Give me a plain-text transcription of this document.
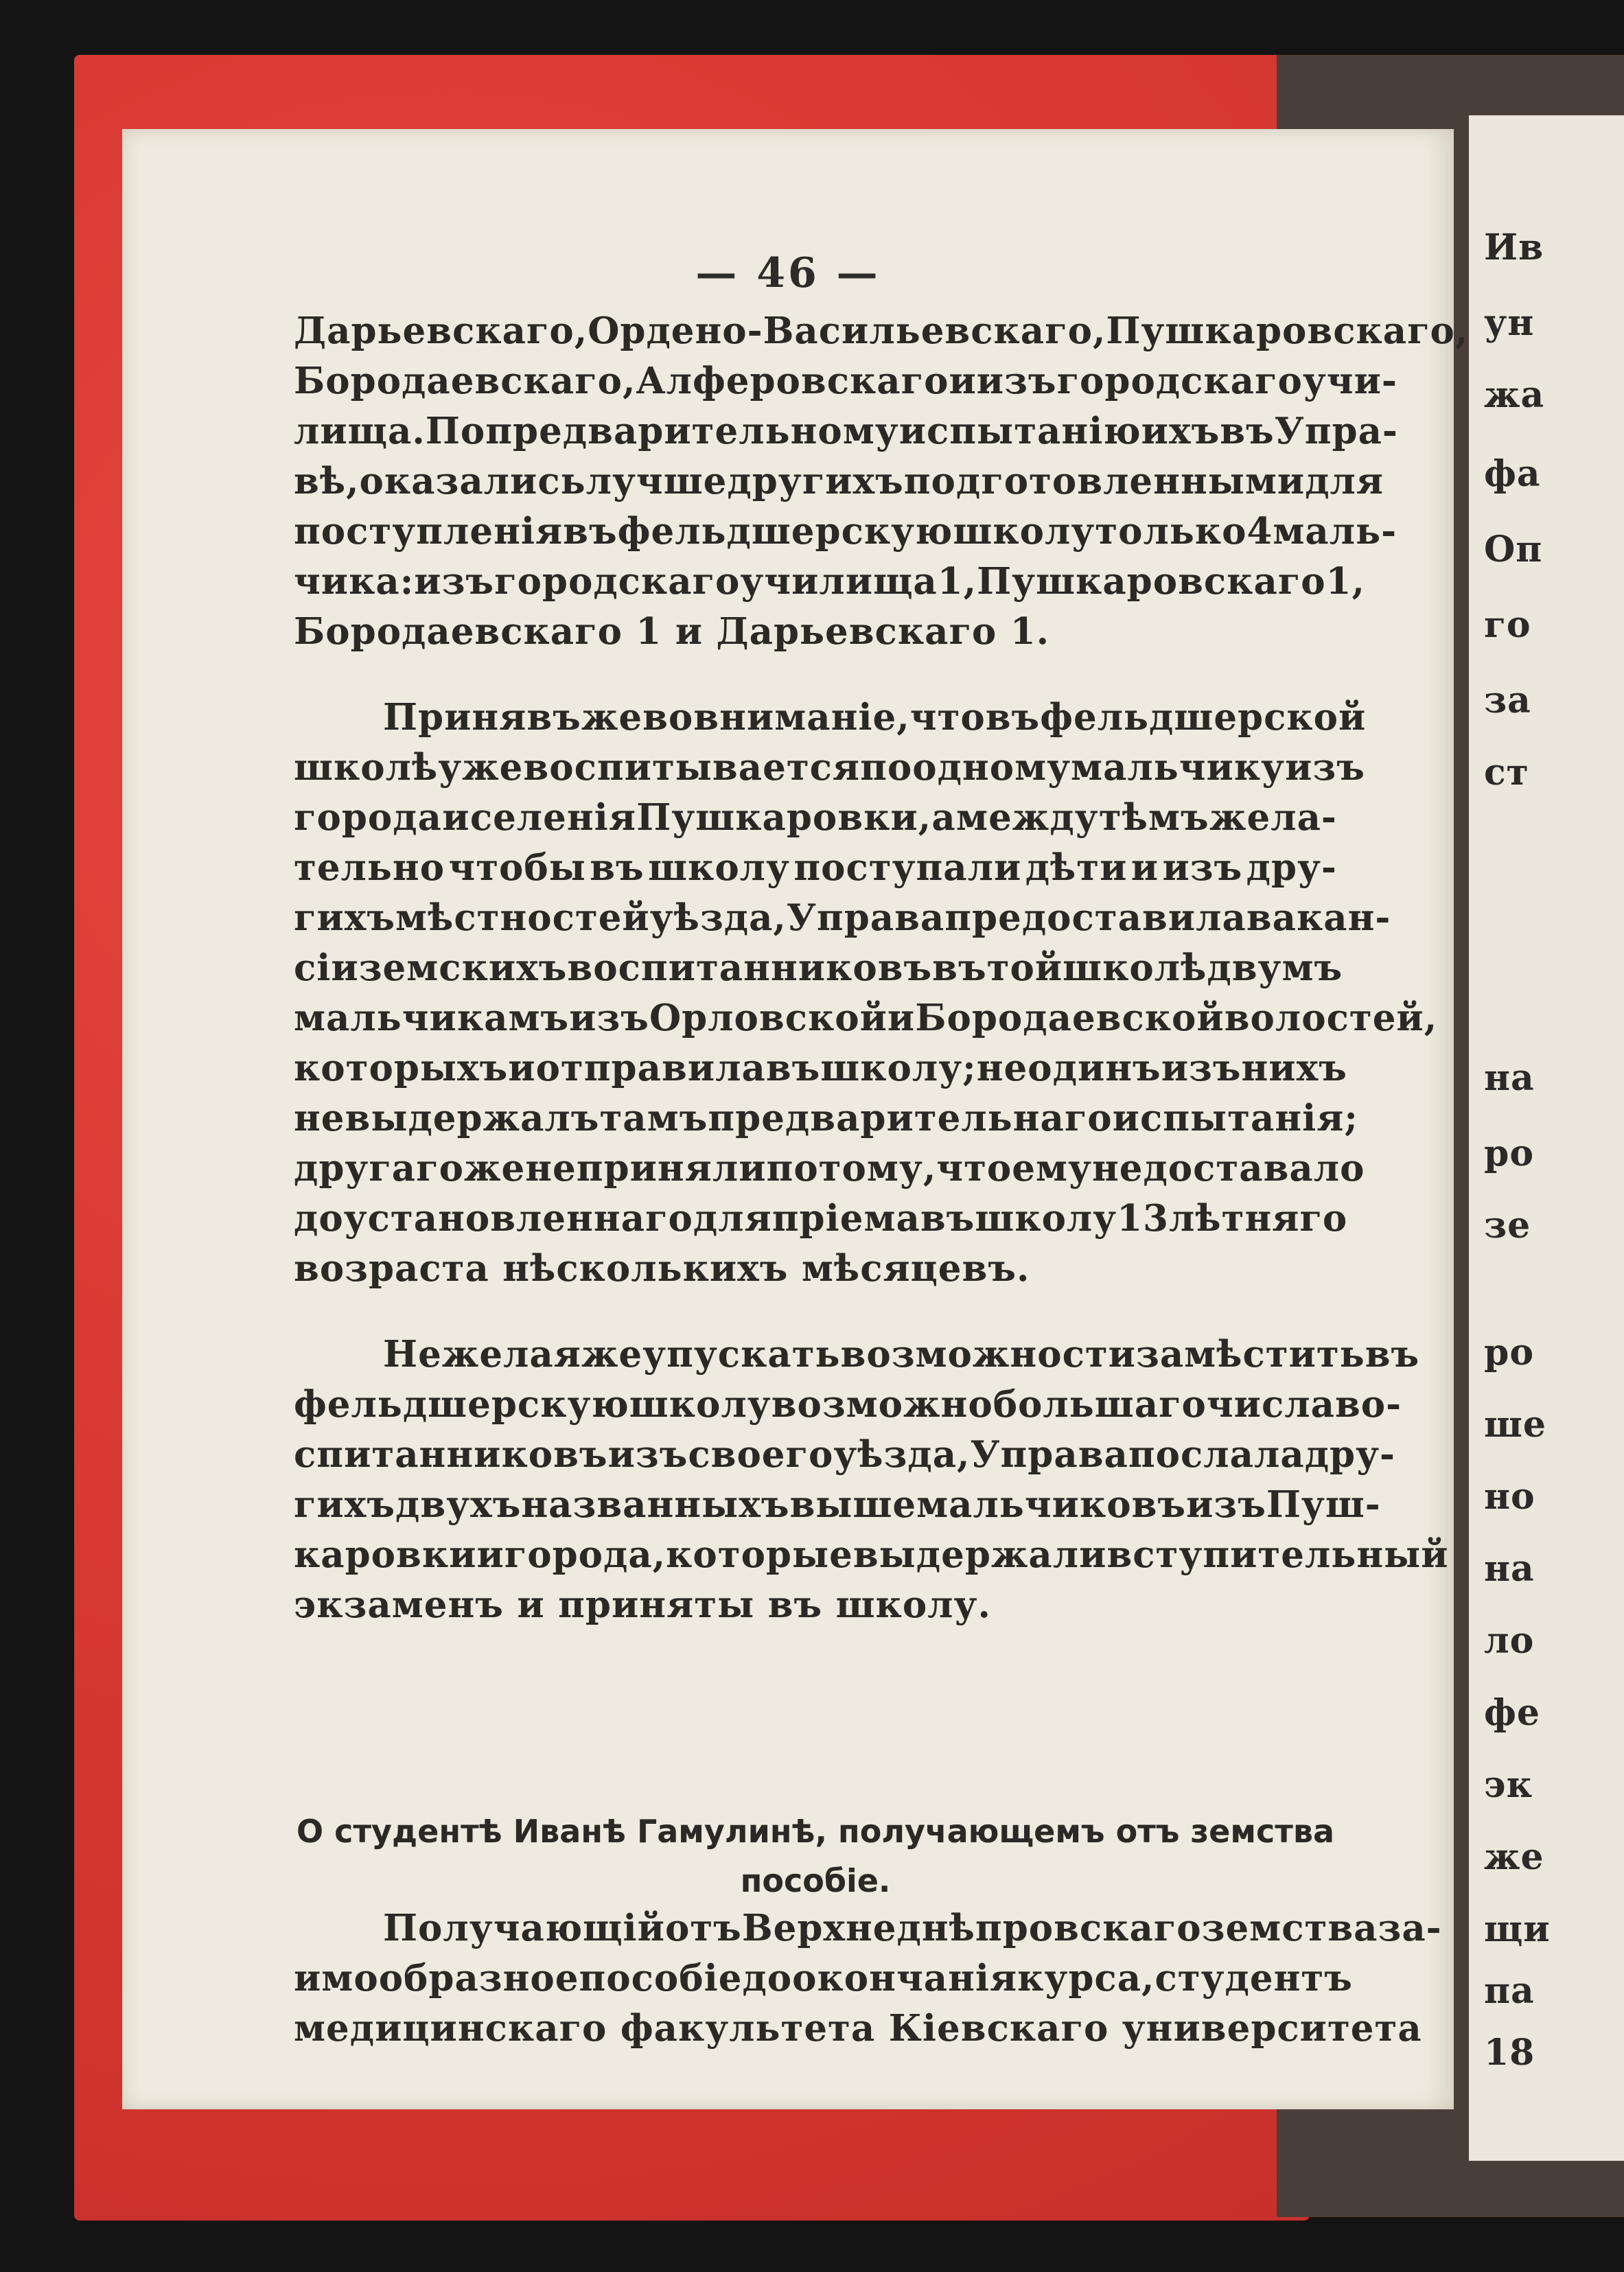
Ив
ун
жа
фа
Оп
го
за
ст
на
ро
зе
ро
ше
но
на
ло
фе
эк
же
щи
па
18
— 46 —
Дарьевскаго, Ордено-Васильевскаго, Пушкаровскаго,
Бородаевскаго, Алферовскаго и изъ городскаго учи-
лища. По предварительному испытанію ихъ въ Упра-
вѣ, оказались лучше другихъ подготовленными для
поступленія въ фельдшерскую школу только 4 маль-
чика: изъ городскаго училища 1, Пушкаровскаго 1,
Бородаевскаго 1 и Дарьевскаго 1.
Принявъ же во вниманіе, что въ фельдшерской
школѣ уже воспитывается по одному мальчику изъ
города и селенія Пушкаровки, а между тѣмъ жела-
тельно чтобы въ школу поступали дѣти и изъ дру-
гихъ мѣстностей уѣзда, Управа предоставила вакан-
сіи земскихъ воспитанниковъ въ той школѣ двумъ
мальчикамъ изъ Орловской и Бородаевской волостей,
которыхъ и отправила въ школу; не одинъ изъ нихъ
не выдержалъ тамъ предварительнаго испытанія;
другаго же не приняли потому, что ему недоставало
до установленнаго для пріема въ школу 13 лѣтняго
возраста нѣсколькихъ мѣсяцевъ.
Не желая же упускать возможности замѣстить въ
фельдшерскую школу возможно большаго числа во-
спитанниковъ изъ своего уѣзда, Управа послала дру-
гихъ двухъ названныхъ выше мальчиковъ изъ Пуш-
каровки и города, которые выдержали вступительный
экзаменъ и приняты въ школу.
О студентѣ Иванѣ Гамулинѣ, получающемъ отъ земства
пособіе.
Получающій отъ Верхнеднѣпровскаго земства за-
имообразное пособіе до окончанія курса, студентъ
медицинскаго факультета Кіевскаго университета
